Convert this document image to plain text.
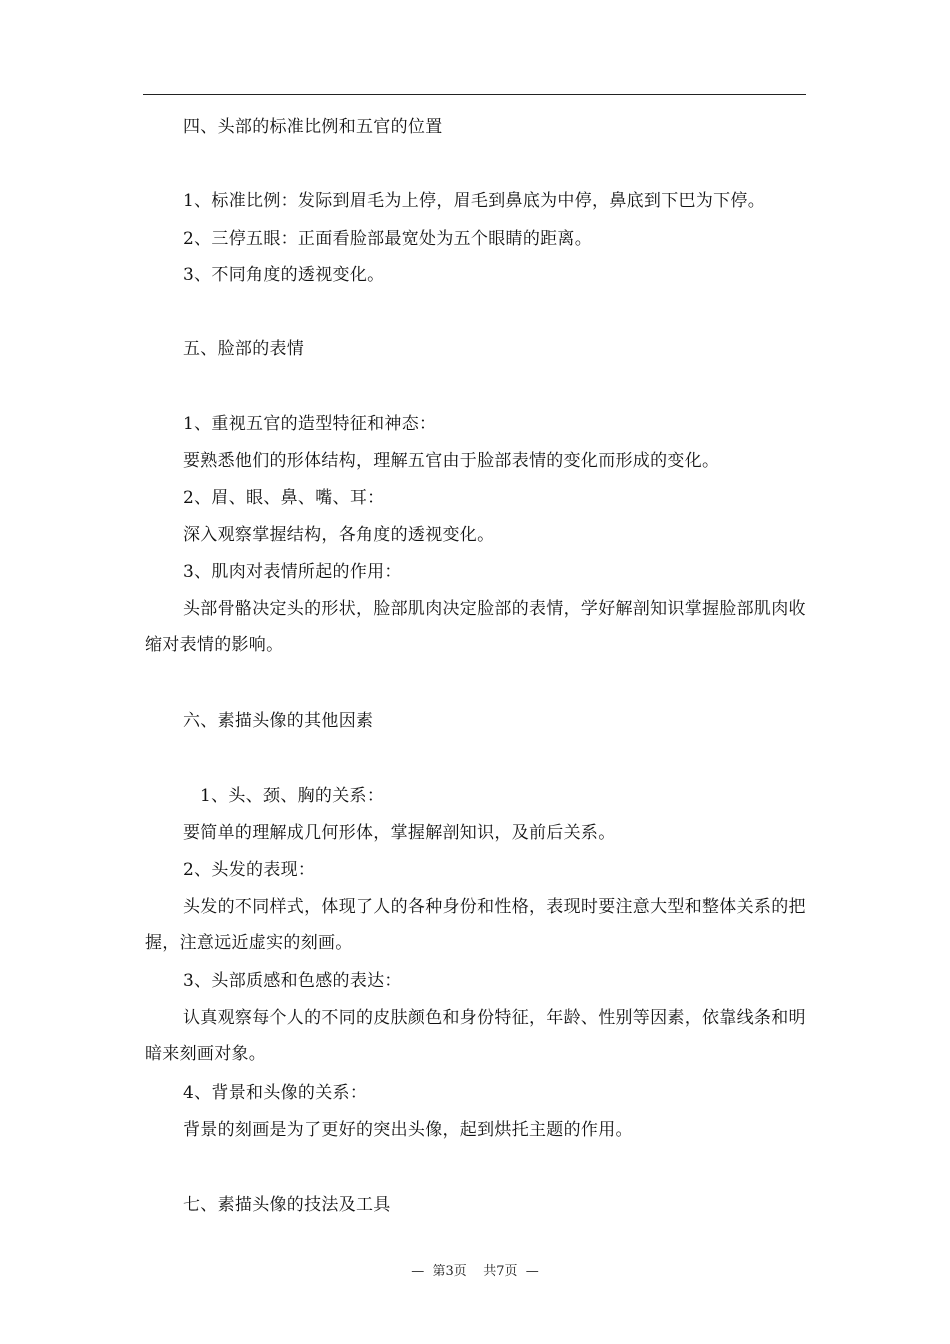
四、头部的标准比例和五官的位置
1、标准比例：发际到眉毛为上停，眉毛到鼻底为中停，鼻底到下巴为下停。
2、三停五眼：正面看脸部最宽处为五个眼睛的距离。
3、不同角度的透视变化。
五、脸部的表情
1、重视五官的造型特征和神态：
要熟悉他们的形体结构，理解五官由于脸部表情的变化而形成的变化。
2、眉、眼、鼻、嘴、耳：
深入观察掌握结构，各角度的透视变化。
3、肌肉对表情所起的作用：
头部骨骼决定头的形状，脸部肌肉决定脸部的表情，学好解剖知识掌握脸部肌肉收缩对表情的影响。
六、素描头像的其他因素
1、头、颈、胸的关系：
要简单的理解成几何形体，掌握解剖知识，及前后关系。
2、头发的表现：
头发的不同样式，体现了人的各种身份和性格，表现时要注意大型和整体关系的把握，注意远近虚实的刻画。
3、头部质感和色感的表达：
认真观察每个人的不同的皮肤颜色和身份特征，年龄、性别等因素，依靠线条和明暗来刻画对象。
4、背景和头像的关系：
背景的刻画是为了更好的突出头像，起到烘托主题的作用。
七、素描头像的技法及工具
—  第3页    共7页  —
